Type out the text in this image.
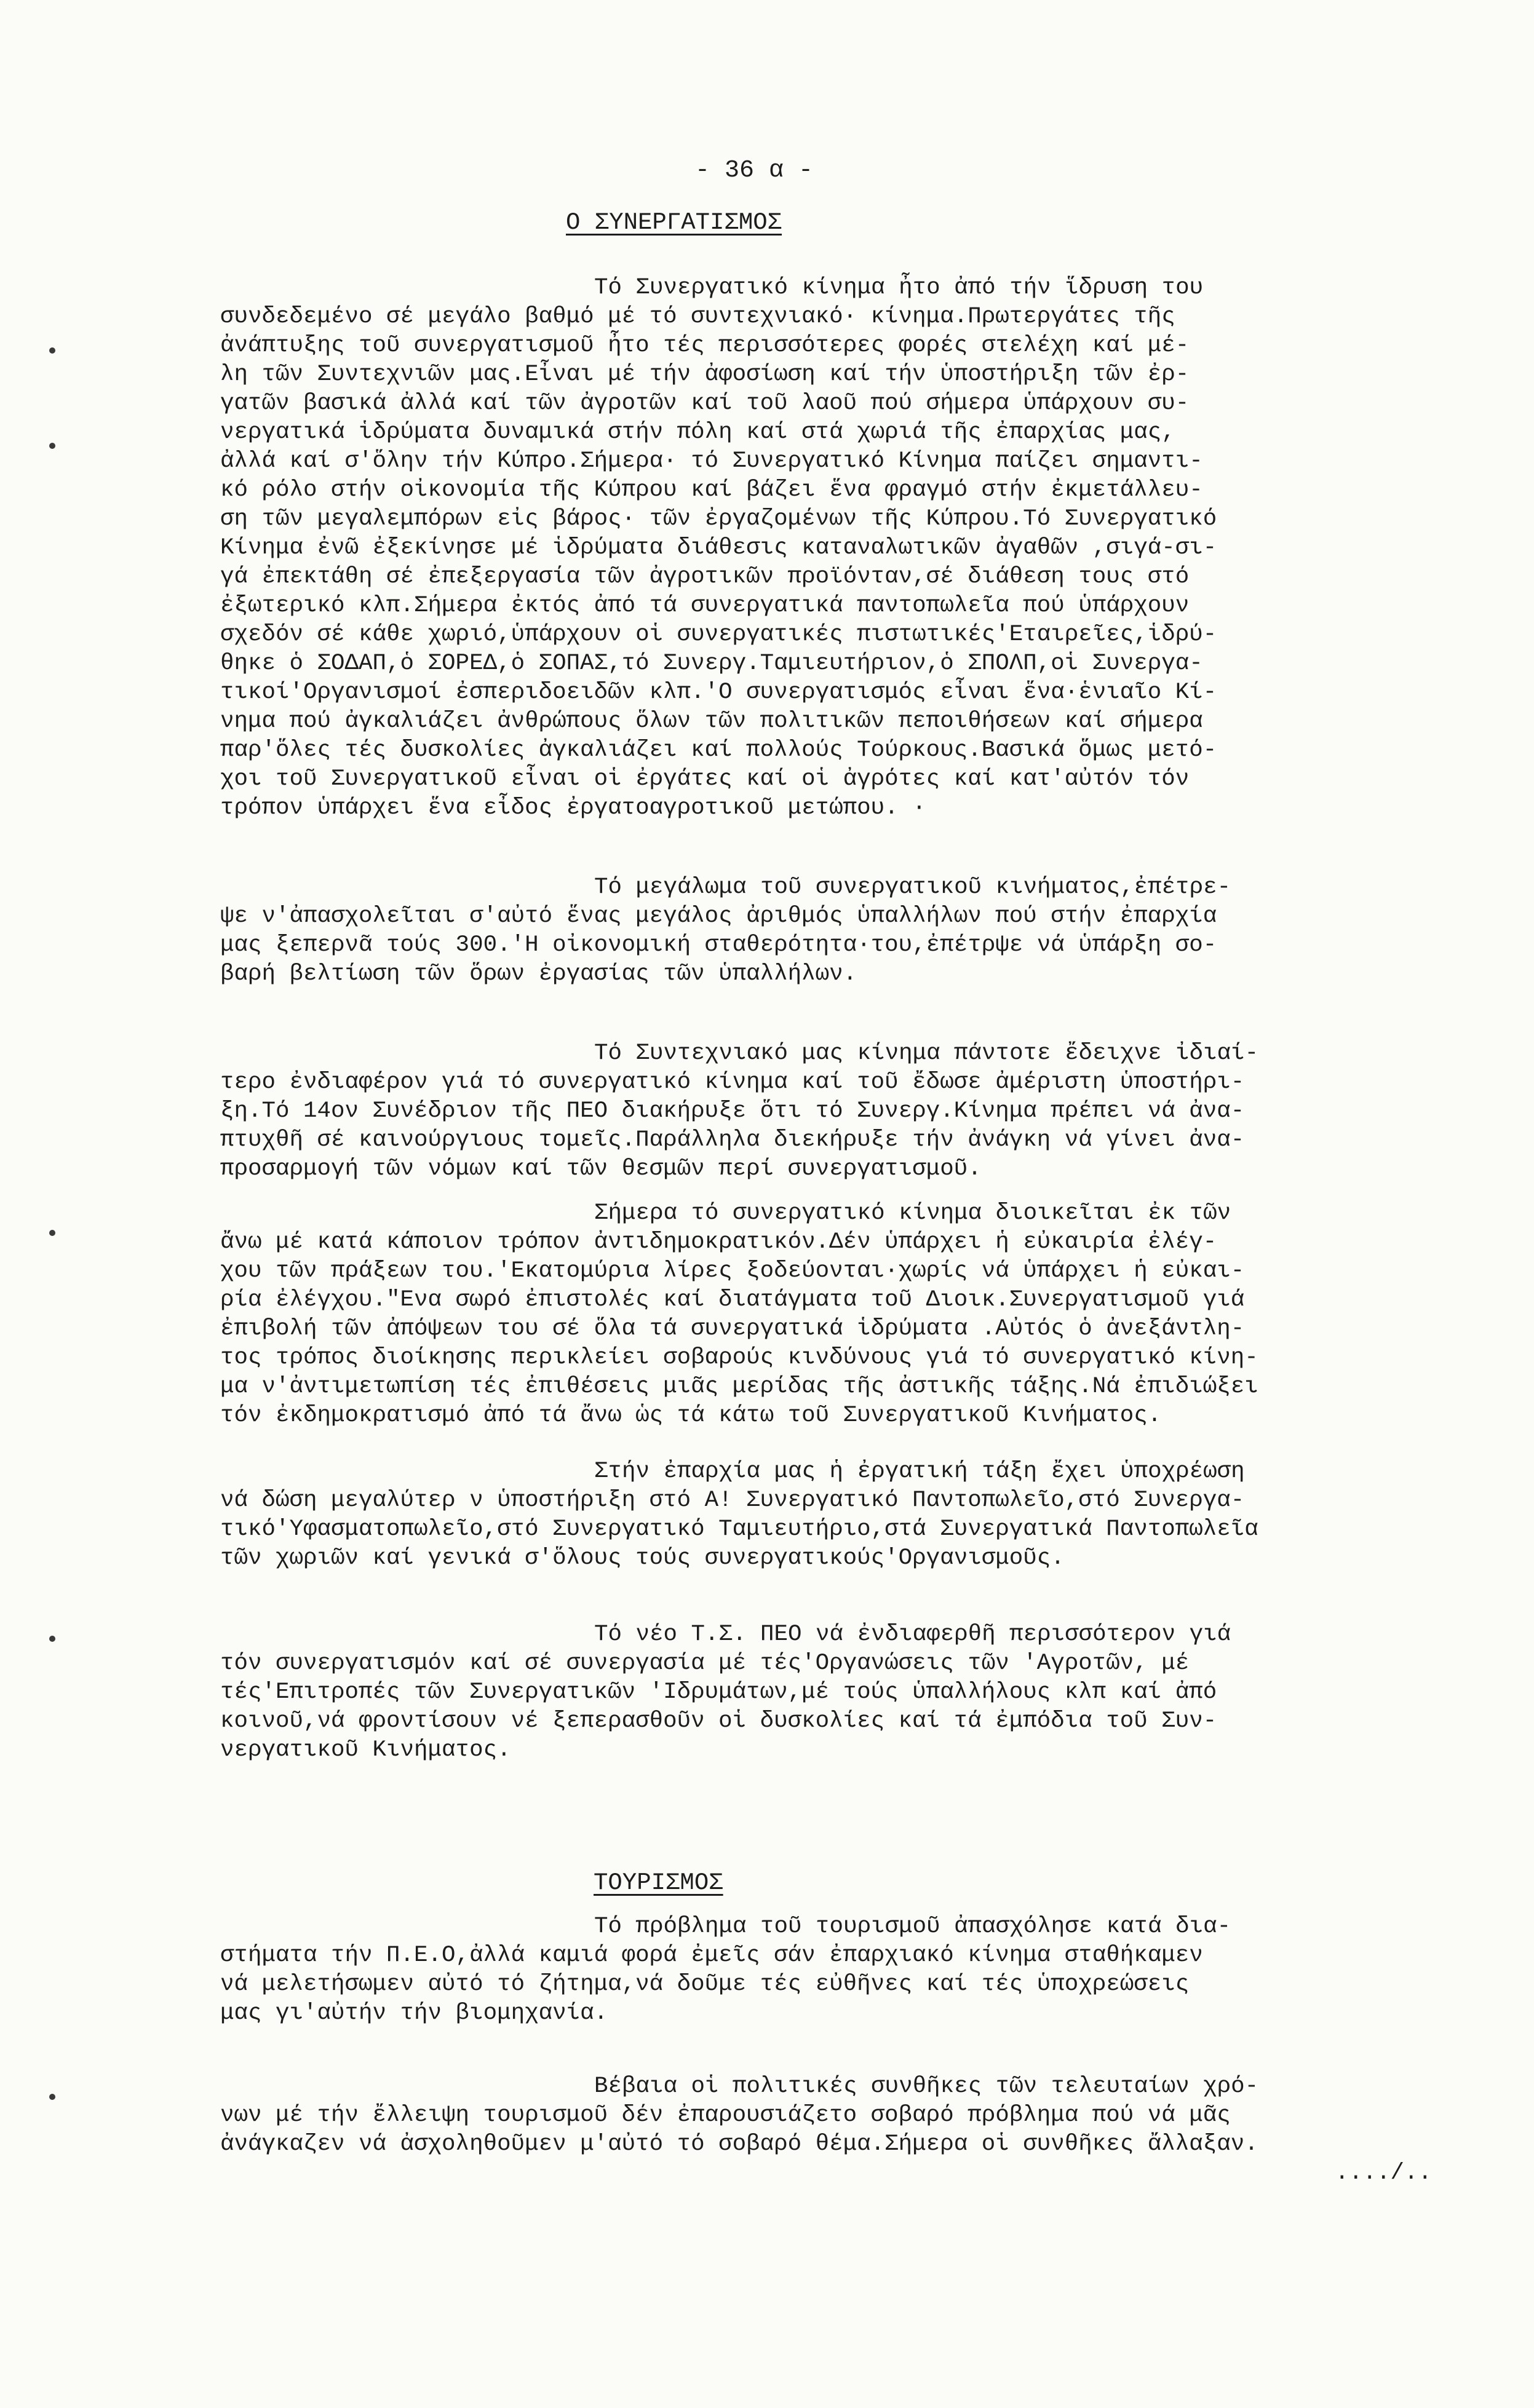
- 36 α -
Ο ΣΥΝΕΡΓΑΤΙΣΜΟΣ
Τό Συνεργατικό κίνημα ἦτο ἀπό τήν ἵδρυση του
συνδεδεμένο σέ μεγάλο βαθμό μέ τό συντεχνιακό· κίνημα.Πρωτεργάτες τῆς
ἀνάπτυξης τοῦ συνεργατισμοῦ ἦτο τές περισσότερες φορές στελέχη καί μέ-
λη τῶν Συντεχνιῶν μας.Εἶναι μέ τήν ἀφοσίωση καί τήν ὑποστήριξη τῶν ἐρ-
γατῶν βασικά ἀλλά καί τῶν ἀγροτῶν καί τοῦ λαοῦ πού σήμερα ὑπάρχουν συ-
νεργατικά ἱδρύματα δυναμικά στήν πόλη καί στά χωριά τῆς ἐπαρχίας μας,
ἀλλά καί σ'ὅλην τήν Κύπρο.Σήμερα· τό Συνεργατικό Κίνημα παίζει σημαντι-
κό ρόλο στήν οἰκονομία τῆς Κύπρου καί βάζει ἕνα φραγμό στήν ἐκμετάλλευ-
ση τῶν μεγαλεμπόρων εἰς βάρος· τῶν ἐργαζομένων τῆς Κύπρου.Τό Συνεργατικό
Κίνημα ἐνῶ ἐξεκίνησε μέ ἱδρύματα διάθεσις καταναλωτικῶν ἀγαθῶν ,σιγά-σι-
γά ἐπεκτάθη σέ ἐπεξεργασία τῶν ἀγροτικῶν προϊόνταν,σέ διάθεση τους στό
ἐξωτερικό κλπ.Σήμερα ἐκτός ἀπό τά συνεργατικά παντοπωλεῖα πού ὑπάρχουν
σχεδόν σέ κάθε χωριό,ὑπάρχουν οἱ συνεργατικές πιστωτικές'Εταιρεῖες,ἱδρύ-
θηκε ὁ ΣΟΔΑΠ,ὁ ΣΟΡΕΔ,ὁ ΣΟΠΑΣ,τό Συνεργ.Ταμιευτήριον,ὁ ΣΠΟΛΠ,οἱ Συνεργα-
τικοί'Οργανισμοί ἐσπεριδοειδῶν κλπ.'Ο συνεργατισμός εἶναι ἕνα·ἑνιαῖο Κί-
νημα πού ἀγκαλιάζει ἀνθρώπους ὅλων τῶν πολιτικῶν πεποιθήσεων καί σήμερα
παρ'ὅλες τές δυσκολίες ἀγκαλιάζει καί πολλούς Τούρκους.Βασικά ὅμως μετό-
χοι τοῦ Συνεργατικοῦ εἶναι οἱ ἐργάτες καί οἱ ἀγρότες καί κατ'αὐτόν τόν
τρόπον ὑπάρχει ἕνα εἶδος ἐργατοαγροτικοῦ μετώπου. ·
Τό μεγάλωμα τοῦ συνεργατικοῦ κινήματος,ἐπέτρε-
ψε ν'ἀπασχολεῖται σ'αὐτό ἕνας μεγάλος ἀριθμός ὑπαλλήλων πού στήν ἐπαρχία
μας ξεπερνᾶ τούς 300.'Η οἰκονομική σταθερότητα·του,ἐπέτρψε νά ὑπάρξη σο-
βαρή βελτίωση τῶν ὅρων ἐργασίας τῶν ὑπαλλήλων.
Τό Συντεχνιακό μας κίνημα πάντοτε ἔδειχνε ἰδιαί-
τερο ἐνδιαφέρον γιά τό συνεργατικό κίνημα καί τοῦ ἔδωσε ἀμέριστη ὑποστήρι-
ξη.Τό 14ον Συνέδριον τῆς ΠΕΟ διακήρυξε ὅτι τό Συνεργ.Κίνημα πρέπει νά ἀνα-
πτυχθῆ σέ καινούργιους τομεῖς.Παράλληλα διεκήρυξε τήν ἀνάγκη νά γίνει ἀνα-
προσαρμογή τῶν νόμων καί τῶν θεσμῶν περί συνεργατισμοῦ.
Σήμερα τό συνεργατικό κίνημα διοικεῖται ἐκ τῶν
ἄνω μέ κατά κάποιον τρόπον ἀντιδημοκρατικόν.Δέν ὑπάρχει ἡ εὐκαιρία ἐλέγ-
χου τῶν πράξεων του.'Εκατομύρια λίρες ξοδεύονται·χωρίς νά ὑπάρχει ἡ εὐκαι-
ρία ἐλέγχου."Ενα σωρό ἐπιστολές καί διατάγματα τοῦ Διοικ.Συνεργατισμοῦ γιά
ἐπιβολή τῶν ἀπόψεων του σέ ὅλα τά συνεργατικά ἱδρύματα .Αὐτός ὁ ἀνεξάντλη-
τος τρόπος διοίκησης περικλείει σοβαρούς κινδύνους γιά τό συνεργατικό κίνη-
μα ν'ἀντιμετωπίση τές ἐπιθέσεις μιᾶς μερίδας τῆς ἀστικῆς τάξης.Νά ἐπιδιώξει
τόν ἐκδημοκρατισμό ἀπό τά ἄνω ὡς τά κάτω τοῦ Συνεργατικοῦ Κινήματος.
Στήν ἐπαρχία μας ἡ ἐργατική τάξη ἔχει ὑποχρέωση
νά δώση μεγαλύτερ ν ὑποστήριξη στό Α! Συνεργατικό Παντοπωλεῖο,στό Συνεργα-
τικό'Υφασματοπωλεῖο,στό Συνεργατικό Ταμιευτήριο,στά Συνεργατικά Παντοπωλεῖα
τῶν χωριῶν καί γενικά σ'ὅλους τούς συνεργατικούς'Οργανισμοῦς.
Τό νέο Τ.Σ. ΠΕΟ νά ἐνδιαφερθῆ περισσότερον γιά
τόν συνεργατισμόν καί σέ συνεργασία μέ τές'Οργανώσεις τῶν 'Αγροτῶν, μέ
τές'Επιτροπές τῶν Συνεργατικῶν 'Ιδρυμάτων,μέ τούς ὑπαλλήλους κλπ καί ἀπό
κοινοῦ,νά φροντίσουν νέ ξεπερασθοῦν οἱ δυσκολίες καί τά ἐμπόδια τοῦ Συν-
νεργατικοῦ Κινήματος.
ΤΟΥΡΙΣΜΟΣ
Τό πρόβλημα τοῦ τουρισμοῦ ἀπασχόλησε κατά δια-
στήματα τήν Π.Ε.Ο,ἀλλά καμιά φορά ἐμεῖς σάν ἐπαρχιακό κίνημα σταθήκαμεν
νά μελετήσωμεν αὐτό τό ζήτημα,νά δοῦμε τές εὐθῆνες καί τές ὑποχρεώσεις
μας γι'αὐτήν τήν βιομηχανία.
Βέβαια οἱ πολιτικές συνθῆκες τῶν τελευταίων χρό-
νων μέ τήν ἔλλειψη τουρισμοῦ δέν ἐπαρουσιάζετο σοβαρό πρόβλημα πού νά μᾶς
ἀνάγκαζεν νά ἀσχοληθοῦμεν μ'αὐτό τό σοβαρό θέμα.Σήμερα οἱ συνθῆκες ἄλλαξαν.
..../..
